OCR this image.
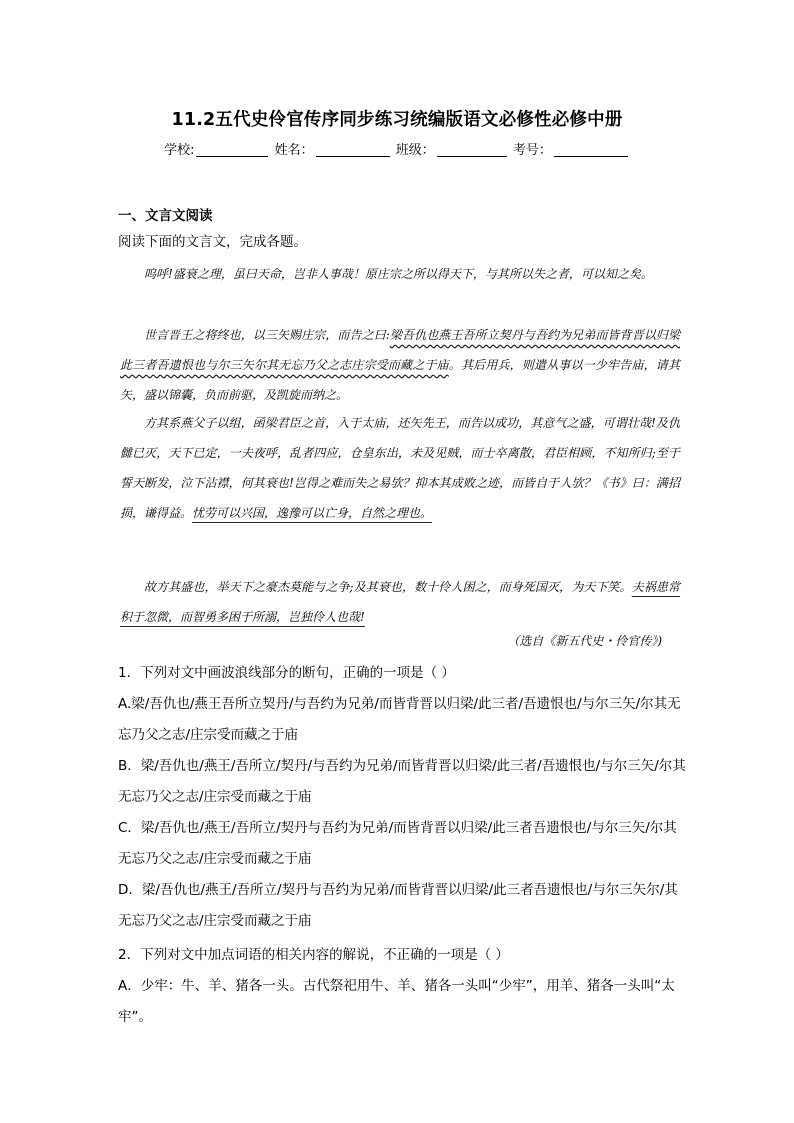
11.2五代史伶官传序同步练习统编版语文必修性必修中册
学校:	姓名：	班级：	考号：
一、文言文阅读
阅读下面的文言文，完成各题。

呜呼!盛衰之理，虽曰天命，岂非人事哉！原庄宗之所以得天下，与其所以失之者，可以知之矣。

世言晋王之将终也，以三矢赐庄宗，而告之曰:梁吾仇也燕王吾所立契丹与吾约为兄弟而皆背晋以归梁此三者吾遗恨也与尔三矢尔其无忘乃父之志庄宗受而藏之于庙。其后用兵，则遣从事以一少牢告庙，请其矢，盛以锦囊，负而前驱，及凯旋而纳之。

方其系燕父子以组，函梁君臣之首，入于太庙，还矢先王，而告以成功，其意气之盛，可谓壮哉!及仇雠已灭，天下已定，一夫夜呼，乱者四应，仓皇东出，未及见贼，而士卒离散，君臣相顾，不知所归;至于誓天断发，泣下沾襟，何其衰也!岂得之难而失之易欤？抑本其成败之迹，而皆自于人欤？《书》曰：满招损，谦得益。忧劳可以兴国，逸豫可以亡身，自然之理也。

故方其盛也，举天下之豪杰莫能与之争;及其衰也，数十伶人困之，而身死国灭，为天下笑。夫祸患常积于忽微，而智勇多困于所溺，岂独伶人也哉!

（选自《新五代史・伶官传》)

1．下列对文中画波浪线部分的断句，正确的一项是（ ）

A.梁/吾仇也/燕王吾所立契丹/与吾约为兄弟/而皆背晋以归梁/此三者/吾遗恨也/与尔三矢/尔其无忘乃父之志/庄宗受而藏之于庙

B．梁/吾仇也/燕王/吾所立/契丹/与吾约为兄弟/而皆背晋以归梁/此三者/吾遗恨也/与尔三矢/尔其无忘乃父之志/庄宗受而藏之于庙

C．梁/吾仇也/燕王/吾所立/契丹与吾约为兄弟/而皆背晋以归梁/此三者吾遗恨也/与尔三矢/尔其无忘乃父之志/庄宗受而藏之于庙

D．梁/吾仇也/燕王/吾所立/契丹与吾约为兄弟/而皆背晋以归梁/此三者吾遗恨也/与尔三矢尔/其无忘乃父之志/庄宗受而藏之于庙

2．下列对文中加点词语的相关内容的解说，不正确的一项是（ ）

A．少牢：牛、羊、猪各一头。古代祭祀用牛、羊、猪各一头叫“少牢”，用羊、猪各一头叫“太牢”。
